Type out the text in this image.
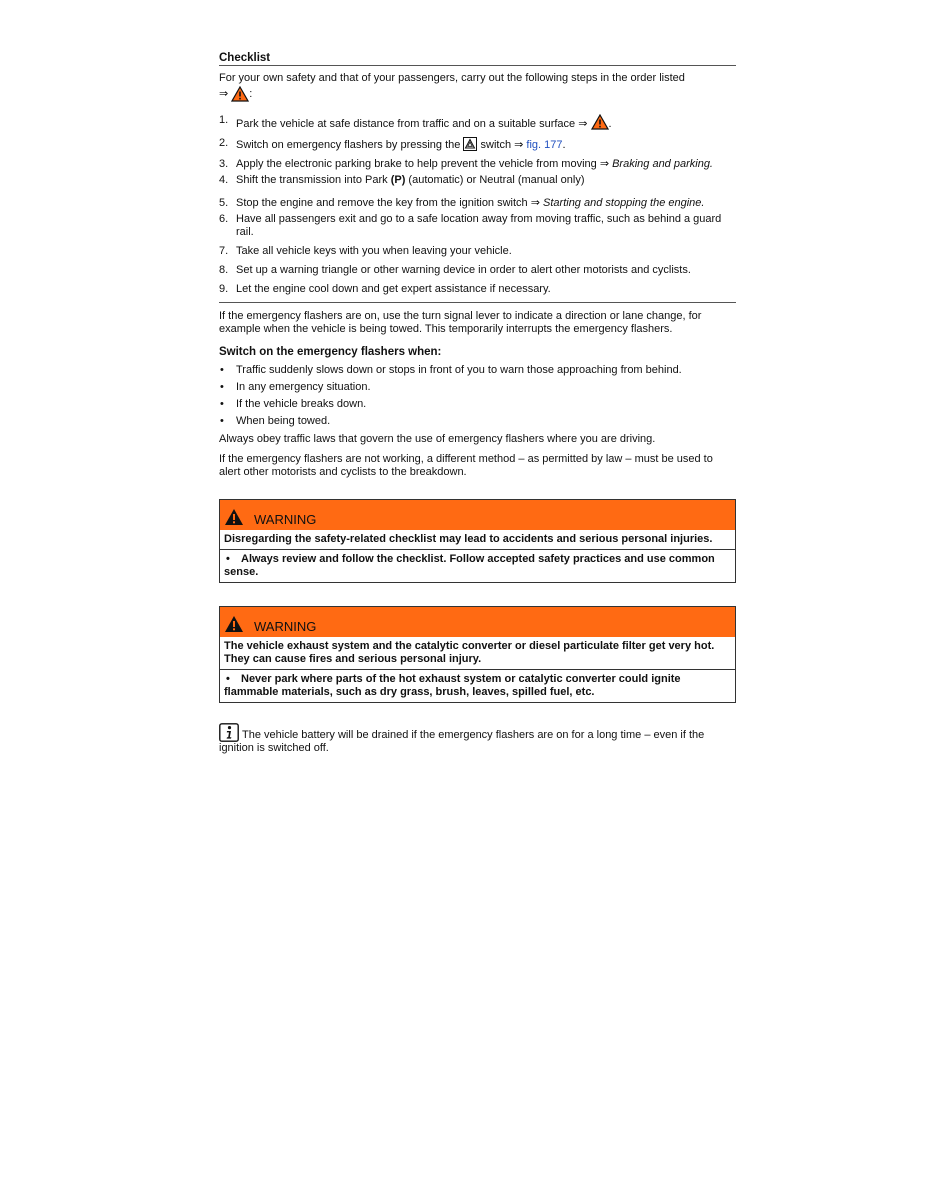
Checklist

For your own safety and that of your passengers, carry out the following steps in the order listed
⇒
:

1. Park the vehicle at safe distance from traffic and on a suitable surface ⇒ .
2. Switch on emergency flashers by pressing the switch ⇒ fig. 177.
3. Apply the electronic parking brake to help prevent the vehicle from moving ⇒ Braking and parking.
4. Shift the transmission into Park (P) (automatic) or Neutral (manual only)
5. Stop the engine and remove the key from the ignition switch ⇒ Starting and stopping the engine.
6. Have all passengers exit and go to a safe location away from moving traffic, such as behind a guard rail.
7. Take all vehicle keys with you when leaving your vehicle.
8. Set up a warning triangle or other warning device in order to alert other motorists and cyclists.
9. Let the engine cool down and get expert assistance if necessary.

If the emergency flashers are on, use the turn signal lever to indicate a direction or lane change, for example when the vehicle is being towed. This temporarily interrupts the emergency flashers.

Switch on the emergency flashers when:
• Traffic suddenly slows down or stops in front of you to warn those approaching from behind.
• In any emergency situation.
• If the vehicle breaks down.
• When being towed.

Always obey traffic laws that govern the use of emergency flashers where you are driving.

If the emergency flashers are not working, a different method – as permitted by law – must be used to alert other motorists and cyclists to the breakdown.

WARNING

Disregarding the safety-related checklist may lead to accidents and serious personal injuries.

• Always review and follow the checklist. Follow accepted safety practices and use common sense.

WARNING

The vehicle exhaust system and the catalytic converter or diesel particulate filter get very hot. They can cause fires and serious personal injury.

• Never park where parts of the hot exhaust system or catalytic converter could ignite flammable materials, such as dry grass, brush, leaves, spilled fuel, etc.

The vehicle battery will be drained if the emergency flashers are on for a long time – even if the ignition is switched off.
